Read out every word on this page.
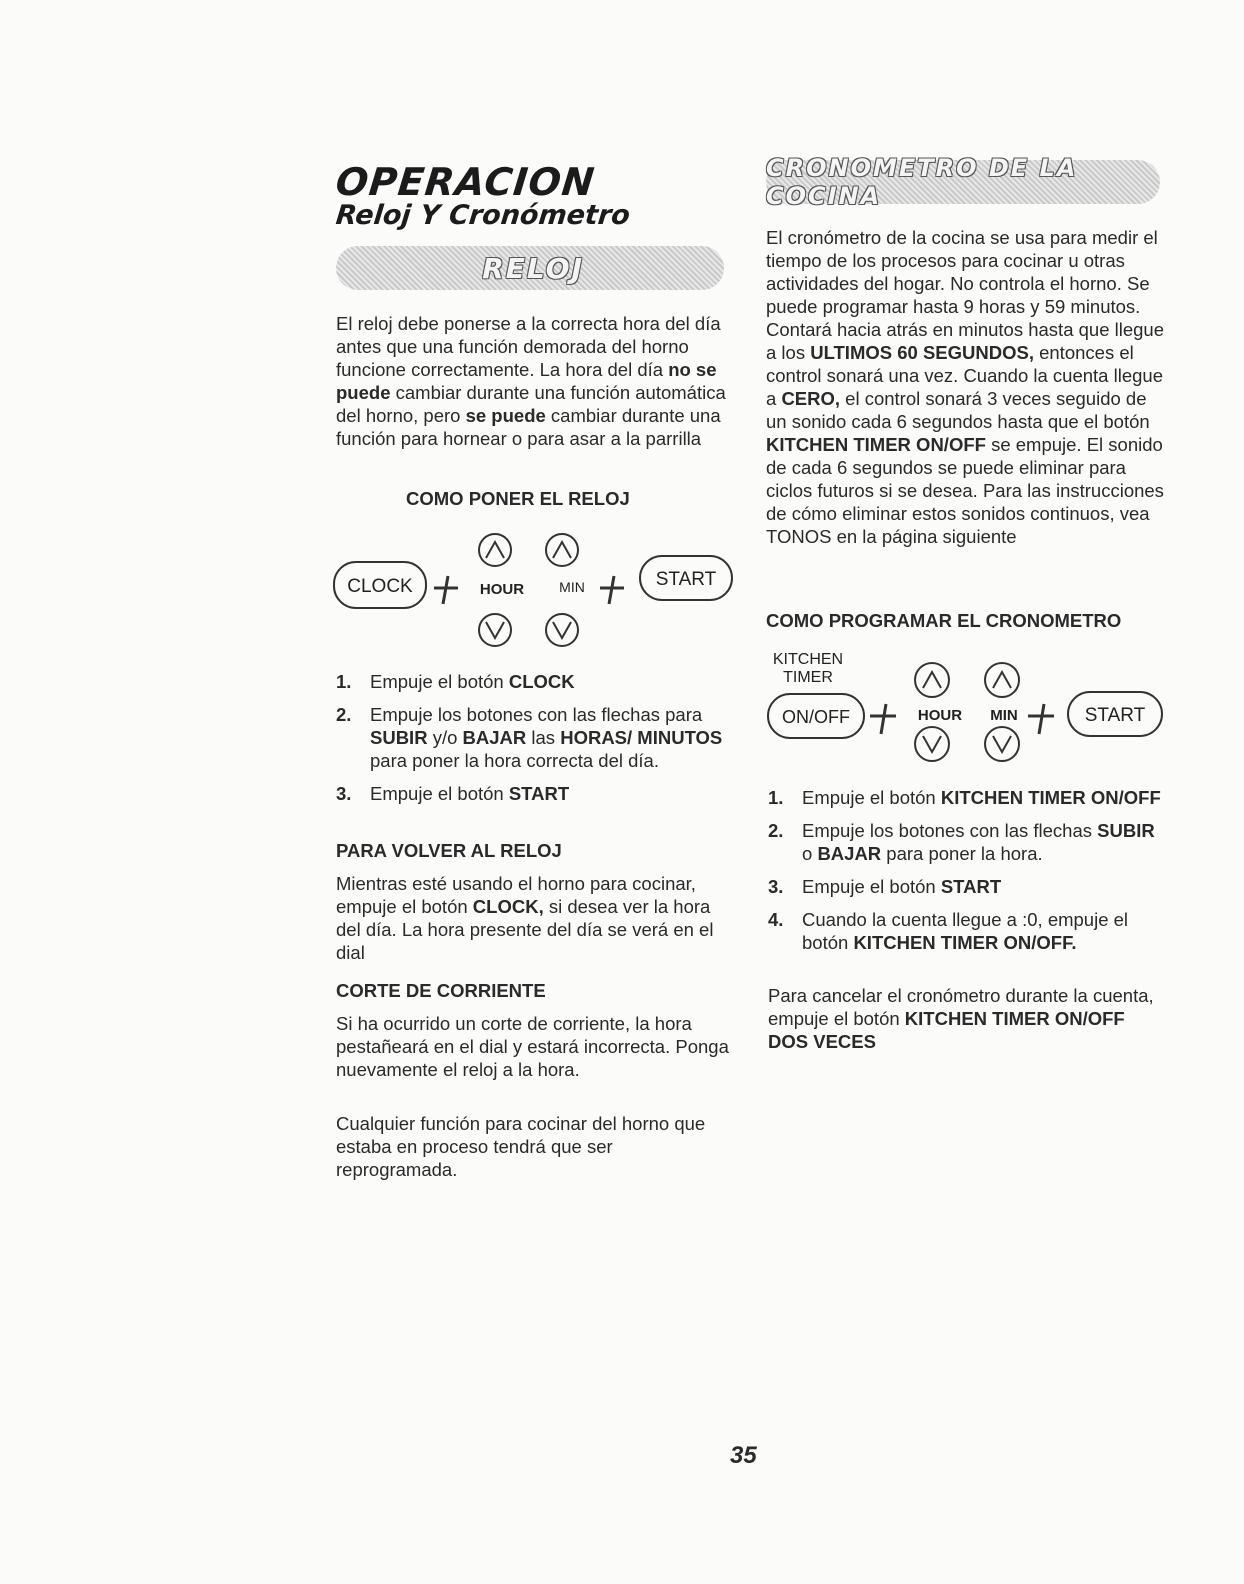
OPERACION
Reloj Y Cronómetro
RELOJ
El reloj debe ponerse a la correcta hora del día antes que una función demorada del horno funcione correctamente. La hora del día no se puede cambiar durante una función automática del horno, pero se puede cambiar durante una función para hornear o para asar a la parrilla
COMO PONER EL RELOJ
CLOCK	HOUR	MIN	START
1. Empuje el botón CLOCK
2. Empuje los botones con las flechas para SUBIR y/o BAJAR las HORAS/ MINUTOS para poner la hora correcta del día.
3. Empuje el botón START
PARA VOLVER AL RELOJ
Mientras esté usando el horno para cocinar, empuje el botón CLOCK, si desea ver la hora del día. La hora presente del día se verá en el dial
CORTE DE CORRIENTE
Si ha ocurrido un corte de corriente, la hora pestañeará en el dial y estará incorrecta. Ponga nuevamente el reloj a la hora.
Cualquier función para cocinar del horno que estaba en proceso tendrá que ser reprogramada.
CRONOMETRO DE LA COCINA
El cronómetro de la cocina se usa para medir el tiempo de los procesos para cocinar u otras actividades del hogar. No controla el horno. Se puede programar hasta 9 horas y 59 minutos. Contará hacia atrás en minutos hasta que llegue a los ULTIMOS 60 SEGUNDOS, entonces el control sonará una vez. Cuando la cuenta llegue a CERO, el control sonará 3 veces seguido de un sonido cada 6 segundos hasta que el botón KITCHEN TIMER ON/OFF se empuje. El sonido de cada 6 segundos se puede eliminar para ciclos futuros si se desea. Para las instrucciones de cómo eliminar estos sonidos continuos, vea TONOS en la página siguiente
COMO PROGRAMAR EL CRONOMETRO
KITCHEN
TIMER
ON/OFF	HOUR MIN	START
1. Empuje el botón KITCHEN TIMER ON/OFF
2. Empuje los botones con las flechas SUBIR o BAJAR para poner la hora.
3. Empuje el botón START
4. Cuando la cuenta llegue a :0, empuje el botón KITCHEN TIMER ON/OFF.
Para cancelar el cronómetro durante la cuenta, empuje el botón KITCHEN TIMER ON/OFF DOS VECES
35
